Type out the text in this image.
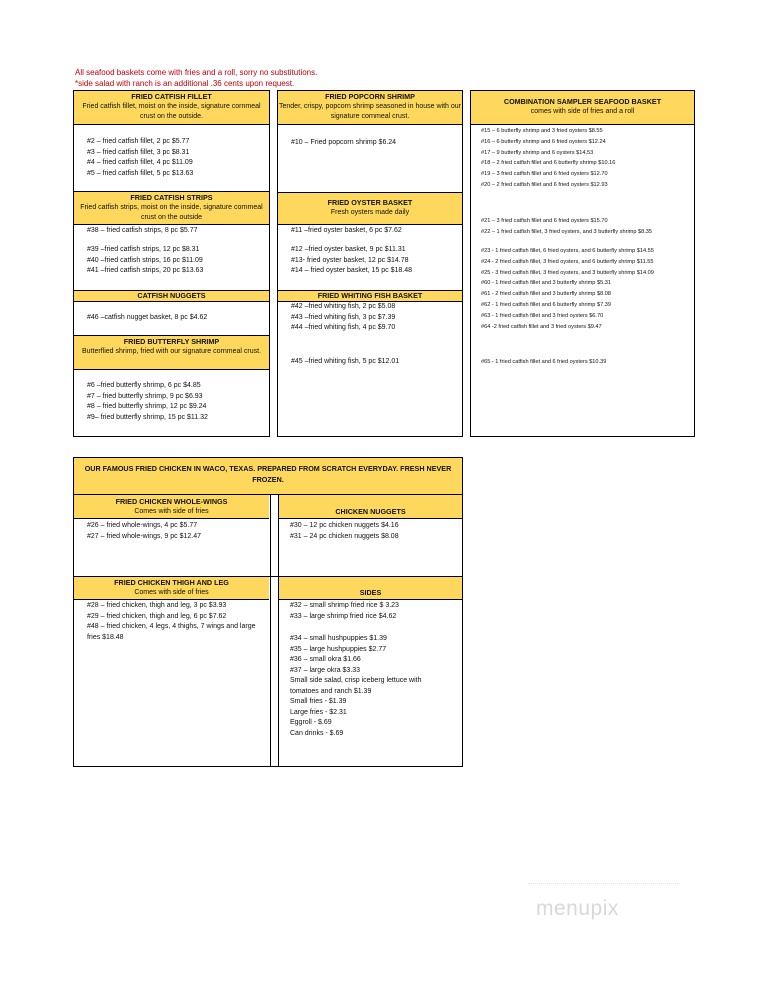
All seafood baskets come with fries and a roll, sorry no substitutions.
*side salad with ranch is an additional .36 cents upon request.
FRIED CATFISH FILLET
Fried catfish fillet, moist on the inside, signature cornmeal crust on the outside.
#2 – fried catfish fillet, 2 pc $5.77
#3 – fried catfish fillet, 3 pc $8.31
#4 – fried catfish fillet, 4 pc $11.09
#5 – fried catfish fillet, 5 pc $13.63
FRIED CATFISH STRIPS
Fried catfish strips, moist on the inside, signature cornmeal crust on the outside
#38 – fried catfish strips, 8 pc $5.77
#39 –fried catfish strips, 12 pc $8.31
#40 –fried catfish strips, 16 pc $11.09
#41 –fried catfish strips, 20 pc $13.63
CATFISH NUGGETS
#46 –catfish nugget basket, 8 pc $4.62
FRIED BUTTERFLY SHRIMP
Butterflied shrimp, fried with our signature cornmeal crust.
#6 –fried butterfly shrimp, 6 pc $4.85
#7 – fried butterfly shrimp, 9 pc $6.93
#8 – fried butterfly shrimp, 12 pc $9.24
#9– fried butterfly shrimp, 15 pc $11.32
FRIED POPCORN SHRIMP
Tender, crispy, popcorn shrimp seasoned in house with our signature cornmeal crust.
#10 – Fried popcorn shrimp $6.24
FRIED OYSTER BASKET
Fresh oysters made daily
#11 –fried oyster basket, 6 pc $7.62
#12 –fried oyster basket, 9 pc $11.31
#13- fried oyster basket, 12 pc $14.78
#14 – fried oyster basket, 15 pc $18.48
FRIED WHITING FISH BASKET
#42 –fried whiting fish, 2 pc $5.08
#43 –fried whiting fish, 3 pc $7.39
#44 –fried whiting fish, 4 pc $9.70
#45 –fried whiting fish, 5 pc $12.01
COMBINATION SAMPLER SEAFOOD BASKET
comes with side of fries and a roll
#15 – 6 butterfly shrimp and 3 fried oysters $8.55
#16 – 6 butterfly shrimp and 6 fried oysters $12.24
#17 – 9 butterfly shrimp and 6 oysters $14.53
#18 – 2 fried catfish fillet and 6 butterfly shrimp $10.16
#19 – 3 fried catfish fillet and 6 fried oysters $12.70
#20 – 2 fried catfish fillet and 6 fried oysters $12.93
#21 – 3 fried catfish fillet and 6 fried oysters $15.70
#22 – 1 fried catfish fillet, 3 fried oysters, and 3 butterfly shrimp $8.35
#23 - 1 fried catfish fillet, 6 fried oysters, and 6 butterfly shrimp $14.55
#24 - 2 fried catfish fillet, 3 fried oysters, and 6 butterfly shrimp $11.55
#25 - 3 fried catfish fillet, 3 fried oysters, and 3 butterfly shrimp $14.09
#60 - 1 fried catfish fillet and 3 butterfly shrimp $5.31
#61 - 2 fried catfish fillet and 3 butterfly shrimp $8.08
#62 - 1 fried catfish fillet and 6 butterfly shrimp $7.39
#63 - 1 fried catfish fillet and 3 fried oysters $6.70
#64 -2 fried catfish fillet and 3 fried oysters $9.47
#65 - 1 fried catfish fillet and 6 fried oysters $10.39
OUR FAMOUS FRIED CHICKEN IN WACO, TEXAS. PREPARED FROM SCRATCH EVERYDAY. FRESH NEVER FROZEN.
FRIED CHICKEN WHOLE-WINGS
Comes with side of fries
#26 – fried whole-wings, 4 pc $5.77
#27 – fried whole-wings, 9 pc $12.47
CHICKEN NUGGETS
#30 – 12 pc chicken nuggets $4.16
#31 – 24 pc chicken nuggets $8.08
FRIED CHICKEN THIGH AND LEG
Comes with side of fries
#28 – fried chicken, thigh and leg, 3 pc $3.93
#29 – fried chicken, thigh and leg, 6 pc $7.62
#48 – fried chicken, 4 legs, 4 thighs, 7 wings and large fries $18.48
SIDES
#32 – small shrimp fried rice $ 3.23
#33 – large shrimp fried rice $4.62
#34 – small hushpuppies $1.39
#35 – large hushpuppies $2.77
#36 – small okra $1.66
#37 – large okra $3.33
Small side salad, crisp iceberg lettuce with tomatoes and ranch $1.39
Small fries - $1.39
Large fries - $2.31
Eggroll - $.69
Can drinks - $.69
menupix
